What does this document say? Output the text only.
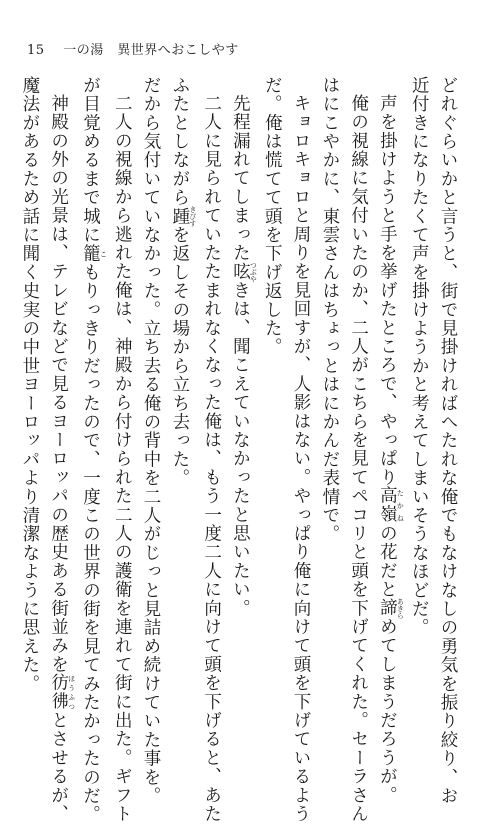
15 一の湯　異世界へおこしやす
どれぐらいかと言うと、街で見掛ければへたれな俺でもなけなしの勇気を振り絞り、お
近付きになりたくて声を掛けようかと考えてしまいそうなほどだ。
声を掛けようと手を挙げたところで、やっぱり高嶺 たかねの花だと諦 あきらめてしまうだろうが。
俺の視線に気付いたのか、二人がこちらを見てペコリと頭を下げてくれた。セーラさん
はにこやかに、東雲さんはちょっとはにかんだ表情で。
キョロキョロと周りを見回すが、人影はない。やっぱり俺に向けて頭を下げているよう
だ。俺は慌てて頭を下げ返した。
先程漏れてしまった呟 つぶやきは、聞こえていなかったと思いたい。
二人に見られていたたまれなくなった俺は、もう一度二人に向けて頭を下げると、あた
ふたとしながら踵 きびすを返しその場から立ち去った。
だから気付いていなかった。立ち去る俺の背中を二人がじっと見詰め続けていた事を。
二人の視線から逃れた俺は、神殿から付けられた二人の護衛を連れて街に出た。ギフト
が目覚めるまで城に籠 こもりっきりだったので、一度この世界の街を見てみたかったのだ。
神殿の外の光景は、テレビなどで見るヨーロッパの歴史ある街並みを彷彿 ほうふつとさせるが、
魔法があるため話に聞く史実の中世ヨーロッパより清潔なように思えた。
